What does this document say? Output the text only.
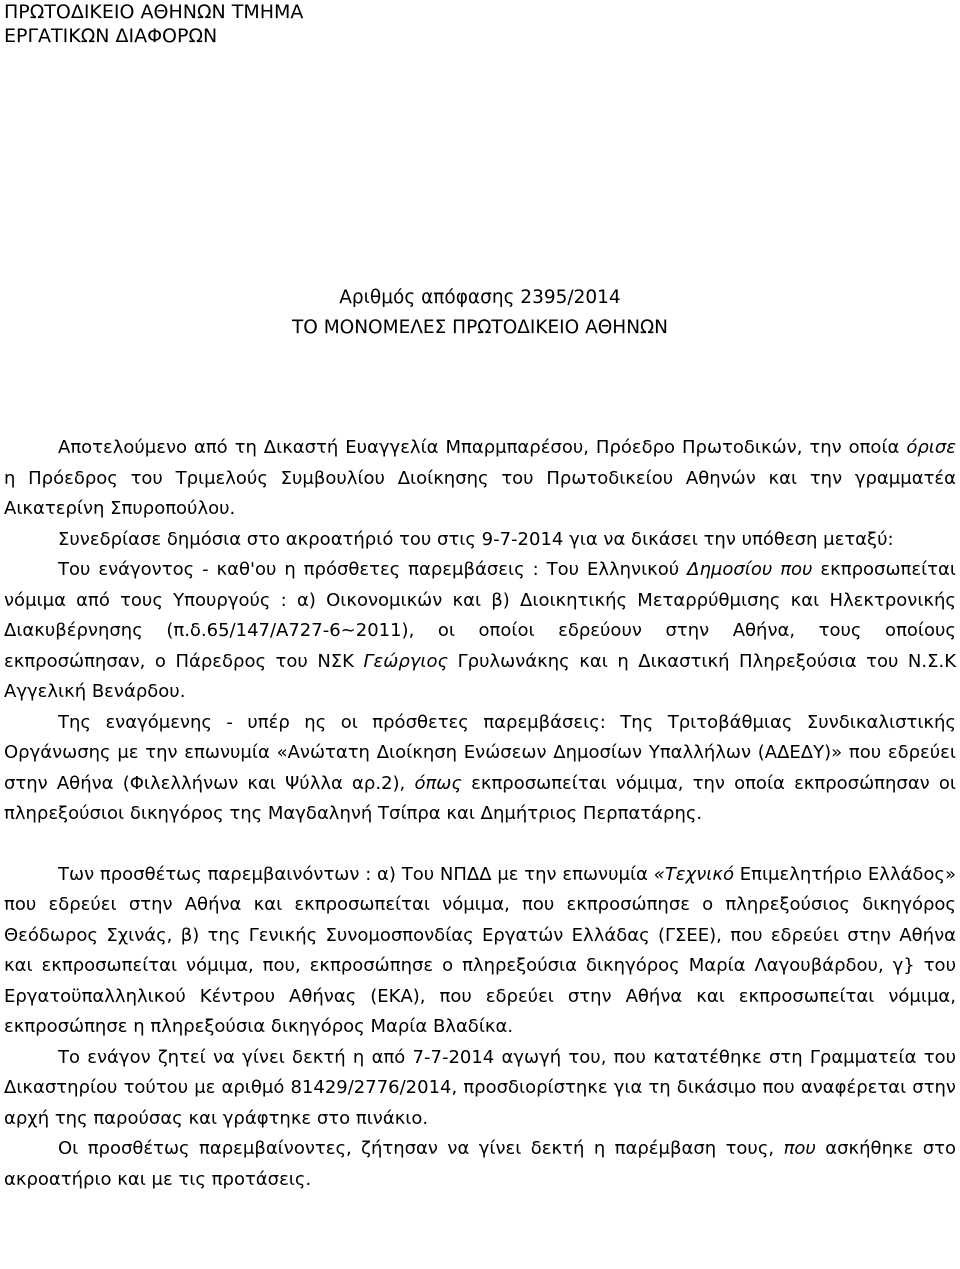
ΠΡΩΤΟΔΙΚΕΙΟ ΑΘΗΝΩΝ ΤΜΗΜΑ
ΕΡΓΑΤΙΚΩΝ ΔΙΑΦΟΡΩΝ
Αριθμός απόφασης 2395/2014
ΤΟ ΜΟΝΟΜΕΛΕΣ ΠΡΩΤΟΔΙΚΕΙΟ ΑΘΗΝΩΝ

Αποτελούμενο από τη Δικαστή Ευαγγελία Μπαρμπαρέσου, Πρόεδρο Πρωτοδικών, την οποία όρισε η Πρόεδρος του Τριμελούς Συμβουλίου Διοίκησης του Πρωτοδικείου Αθηνών και την γραμματέα Αικατερίνη Σπυροπούλου.

Συνεδρίασε δημόσια στο ακροατήριό του στις 9-7-2014 για να δικάσει την υπόθεση μεταξύ:

Του ενάγοντος - καθ'ου η πρόσθετες παρεμβάσεις : Του Ελληνικού Δημοσίου που εκπροσωπείται νόμιμα από τους Υπουργούς : α) Οικονομικών και β) Διοικητικής Μεταρρύθμισης και Ηλεκτρονικής Διακυβέρνησης (π.δ.65/147/Α727-6~2011), οι οποίοι εδρεύουν στην Αθήνα, τους οποίους εκπροσώπησαν, ο Πάρεδρος του ΝΣΚ Γεώργιος Γρυλωνάκης και η Δικαστική Πληρεξούσια του Ν.Σ.Κ Αγγελική Βενάρδου.

Της εναγόμενης - υπέρ ης οι πρόσθετες παρεμβάσεις: Της Τριτοβάθμιας Συνδικαλιστικής Οργάνωσης με την επωνυμία «Ανώτατη Διοίκηση Ενώσεων Δημοσίων Υπαλλήλων (ΑΔΕΔΥ)» που εδρεύει στην Αθήνα (Φιλελλήνων και Ψύλλα αρ.2), όπως εκπροσωπείται νόμιμα, την οποία εκπροσώπησαν οι πληρεξούσιοι δικηγόρος της Μαγδαληνή Τσίπρα και Δημήτριος Περπατάρης.

Των προσθέτως παρεμβαινόντων : α) Του ΝΠΔΔ με την επωνυμία «Τεχνικό Επιμελητήριο Ελλάδος» που εδρεύει στην Αθήνα και εκπροσωπείται νόμιμα, που εκπροσώπησε ο πληρεξούσιος δικηγόρος Θεόδωρος Σχινάς, β) της Γενικής Συνομοσπονδίας Εργατών Ελλάδας (ΓΣΕΕ), που εδρεύει στην Αθήνα και εκπροσωπείται νόμιμα, που, εκπροσώπησε ο πληρεξούσια δικηγόρος Μαρία Λαγουβάρδου, γ} του Εργατοϋπαλληλικού Κέντρου Αθήνας (ΕΚΑ), που εδρεύει στην Αθήνα και εκπροσωπείται νόμιμα, εκπροσώπησε η πληρεξούσια δικηγόρος Μαρία Βλαδίκα.

Το ενάγον ζητεί να γίνει δεκτή η από 7-7-2014 αγωγή του, που κατατέθηκε στη Γραμματεία του Δικαστηρίου τούτου με αριθμό 81429/2776/2014, προσδιορίστηκε για τη δικάσιμο που αναφέρεται στην αρχή της παρούσας και γράφτηκε στο πινάκιο.

Οι προσθέτως παρεμβαίνοντες, ζήτησαν να γίνει δεκτή η παρέμβαση τους, που ασκήθηκε στο ακροατήριο και με τις προτάσεις.
